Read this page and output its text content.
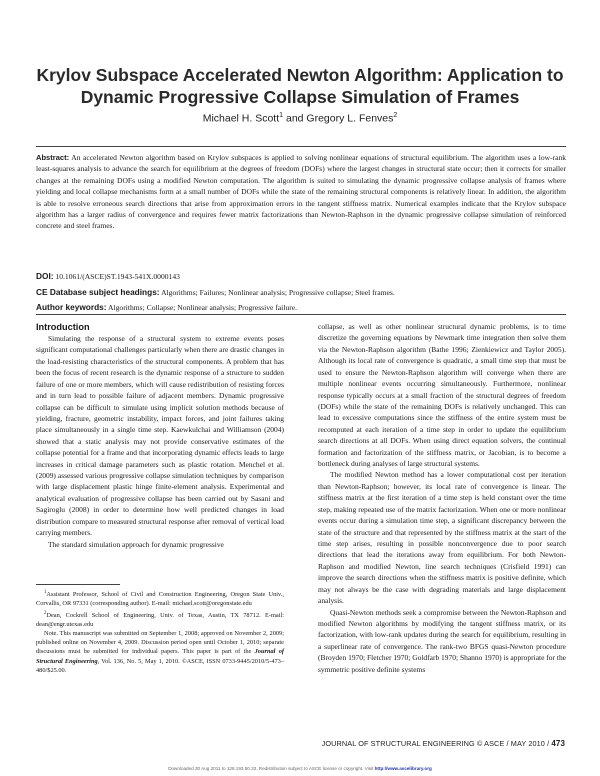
Krylov Subspace Accelerated Newton Algorithm: Application to Dynamic Progressive Collapse Simulation of Frames
Michael H. Scott$^1$ and Gregory L. Fenves$^2$

Abstract: An accelerated Newton algorithm based on Krylov subspaces is applied to solving nonlinear equations of structural equilibrium. The algorithm uses a low-rank least-squares analysis to advance the search for equilibrium at the degrees of freedom (DOFs) where the largest changes in structural state occur; then it corrects for smaller changes at the remaining DOFs using a modified Newton computation. The algorithm is suited to simulating the dynamic progressive collapse analysis of frames where yielding and local collapse mechanisms form at a small number of DOFs while the state of the remaining structural components is relatively linear. In addition, the algorithm is able to resolve erroneous search directions that arise from approximation errors in the tangent stiffness matrix. Numerical examples indicate that the Krylov subspace algorithm has a larger radius of convergence and requires fewer matrix factorizations than Newton-Raphson in the dynamic progressive collapse simulation of reinforced concrete and steel frames.

DOI: 10.1061/(ASCE)ST.1943-541X.0000143

CE Database subject headings: Algorithms; Failures; Nonlinear analysis; Progressive collapse; Steel frames.

Author keywords: Algorithms; Collapse; Nonlinear analysis; Progressive failure.

Introduction

Simulating the response of a structural system to extreme events poses significant computational challenges particularly when there are drastic changes in the load-resisting characteristics of the structural components. A problem that has been the focus of recent research is the dynamic response of a structure to sudden failure of one or more members, which will cause redistribution of resisting forces and in turn lead to possible failure of adjacent members. Dynamic progressive collapse can be difficult to simulate using implicit solution methods because of yielding, fracture, geometric instability, impact forces, and joint failures taking place simultaneously in a single time step. Kaewkulchai and Williamson (2004) showed that a static analysis may not provide conservative estimates of the collapse potential for a frame and that incorporating dynamic effects leads to large increases in critical damage parameters such as plastic rotation. Menchel et al. (2009) assessed various progressive collapse simulation techniques by comparison with large displacement plastic hinge finite-element analysis. Experimental and analytical evaluation of progressive collapse has been carried out by Sasani and Sagiroglu (2008) in order to determine how well predicted changes in load distribution compare to measured structural response after removal of vertical load carrying members.

The standard simulation approach for dynamic progressive

collapse, as well as other nonlinear structural dynamic problems, is to time discretize the governing equations by Newmark time integration then solve them via the Newton-Raphson algorithm (Bathe 1996; Zienkiewicz and Taylor 2005). Although its local rate of convergence is quadratic, a small time step that must be used to ensure the Newton-Raphson algorithm will converge when there are multiple nonlinear events occurring simultaneously. Furthermore, nonlinear response typically occurs at a small fraction of the structural degrees of freedom (DOFs) while the state of the remaining DOFs is relatively unchanged. This can lead to excessive computations since the stiffness of the entire system must be recomputed at each iteration of a time step in order to update the equilibrium search directions at all DOFs. When using direct equation solvers, the continual formation and factorization of the stiffness matrix, or Jacobian, is to become a bottleneck during analyses of large structural systems.

The modified Newton method has a lower computational cost per iteration than Newton-Raphson; however, its local rate of convergence is linear. The stiffness matrix at the first iteration of a time step is held constant over the time step, making repeated use of the matrix factorization. When one or more nonlinear events occur during a simulation time step, a significant discrepancy between the state of the structure and that represented by the stiffness matrix at the start of the time step arises, resulting in possible nonconvergence due to poor search directions that lead the iterations away from equilibrium. For both Newton-Raphson and modified Newton, line search techniques (Crisfield 1991) can improve the search directions when the stiffness matrix is positive definite, which may not always be the case with degrading materials and large displacement analysis.

Quasi-Newton methods seek a compromise between the Newton-Raphson and modified Newton algorithms by modifying the tangent stiffness matrix, or its factorization, with low-rank updates during the search for equilibrium, resulting in a superlinear rate of convergence. The rank-two BFGS quasi-Newton procedure (Broyden 1970; Fletcher 1970; Goldfarb 1970; Shanno 1970) is appropriate for the symmetric positive definite systems

$^1$Assistant Professor, School of Civil and Construction Engineering, Oregon State Univ., Corvallis, OR 97331 (corresponding author). E-mail: michael.scott@oregonstate.edu

$^2$Dean, Cockrell School of Engineering, Univ. of Texas, Austin, TX 78712. E-mail: dean@engr.utexas.edu

Note. This manuscript was submitted on September 1, 2008; approved on November 2, 2009; published online on November 4, 2009. Discussion period open until October 1, 2010; separate discussions must be submitted for individual papers. This paper is part of the Journal of Structural Engineering, Vol. 136, No. 5, May 1, 2010. ©ASCE, ISSN 0733-9445/2010/5-473–480/$25.00.

JOURNAL OF STRUCTURAL ENGINEERING © ASCE / MAY 2010 / 473
Downloaded 30 Aug 2011 to 128.193.50.33. Redistribution subject to ASCE license or copyright. Visit http://www.ascelibrary.org
